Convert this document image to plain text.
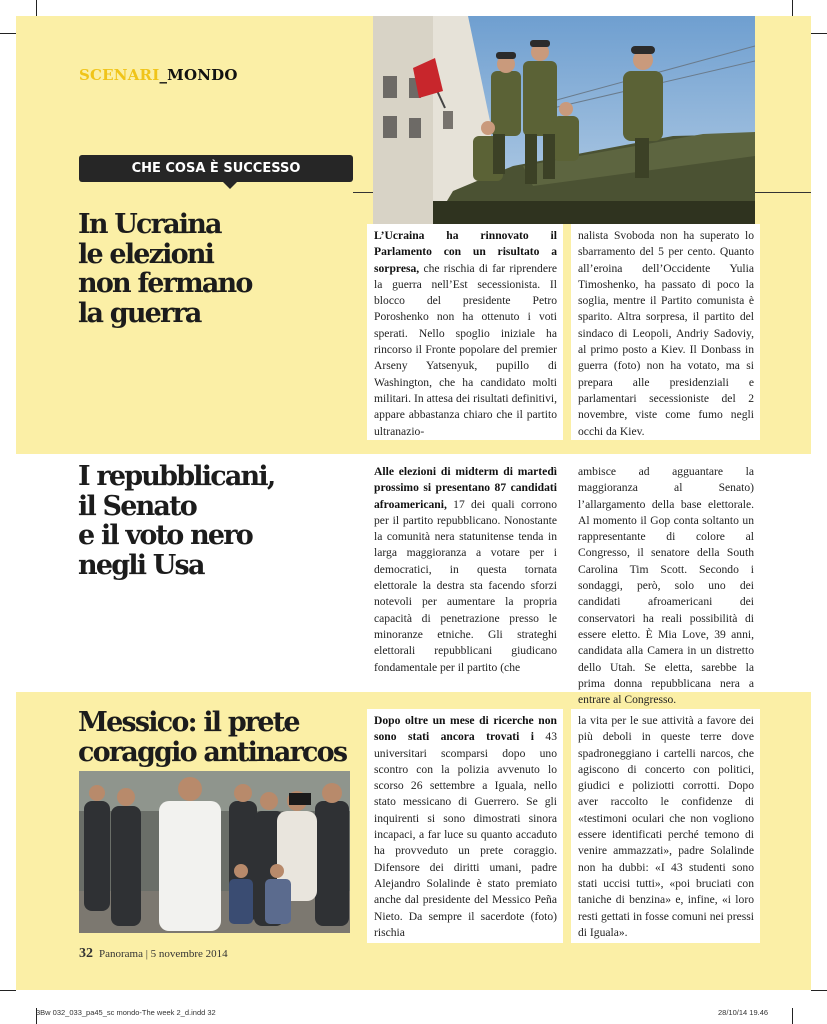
SCENARI_MONDO

CHE COSA È SUCCESSO
In Ucraina
le elezioni
non fermano
la guerra
L’Ucraina ha rinnovato il Parlamento con un risultato a sorpresa, che rischia di far riprendere la guerra nell’Est secessionista. Il blocco del presidente Petro Poroshenko non ha ottenuto i voti sperati. Nello spoglio iniziale ha rincorso il Fronte popolare del premier Arseny Yatsenyuk, pupillo di Washington, che ha candidato molti militari. In attesa dei risultati definitivi, appare abbastanza chiaro che il partito ultranazio-
nalista Svoboda non ha superato lo sbarramento del 5 per cento. Quanto all’eroina dell’Occidente Yulia Timoshenko, ha passato di poco la soglia, mentre il Partito comunista è sparito. Altra sorpresa, il partito del sindaco di Leopoli, Andriy Sadoviy, al primo posto a Kiev. Il Donbass in guerra (foto) non ha votato, ma si prepara alle presidenziali e parlamentari secessioniste del 2 novembre, viste come fumo negli occhi da Kiev.
I repubblicani,
il Senato
e il voto nero
negli Usa
Alle elezioni di midterm di martedì prossimo si presentano 87 candidati afroamericani, 17 dei quali corrono per il partito repubblicano. Nonostante la comunità nera statunitense tenda in larga maggioranza a votare per i democratici, in questa tornata elettorale la destra sta facendo sforzi notevoli per aumentare la propria capacità di penetrazione presso le minoranze etniche. Gli strateghi elettorali repubblicani giudicano fondamentale per il partito (che
ambisce ad agguantare la maggioranza al Senato) l’allargamento della base elettorale. Al momento il Gop conta soltanto un rappresentante di colore al Congresso, il senatore della South Carolina Tim Scott. Secondo i sondaggi, però, solo uno dei candidati afroamericani dei conservatori ha reali possibilità di essere eletto. È Mia Love, 39 anni, candidata alla Camera in un distretto dello Utah. Se eletta, sarebbe la prima donna repubblicana nera a entrare al Congresso.
Messico: il prete
coraggio antinarcos
Dopo oltre un mese di ricerche non sono stati ancora trovati i 43 universitari scomparsi dopo uno scontro con la polizia avvenuto lo scorso 26 settembre a Iguala, nello stato messicano di Guerrero. Se gli inquirenti si sono dimostrati sinora incapaci, a far luce su quanto accaduto ha provveduto un prete coraggio. Difensore dei diritti umani, padre Alejandro Solalinde è stato premiato anche dal presidente del Messico Peña Nieto. Da sempre il sacerdote (foto) rischia
la vita per le sue attività a favore dei più deboli in queste terre dove spadroneggiano i cartelli narcos, che agiscono di concerto con politici, giudici e poliziotti corrotti. Dopo aver raccolto le confidenze di «testimoni oculari che non vogliono essere identificati perché temono di venire ammazzati», padre Solalinde non ha dubbi: «I 43 studenti sono stati uccisi tutti», «poi bruciati con taniche di benzina» e, infine, «i loro resti gettati in fosse comuni nei pressi di Iguala».
32 Panorama | 5 novembre 2014
3Bw 032_033_pa45_sc mondo-The week 2_d.indd 32	28/10/14 19.46
